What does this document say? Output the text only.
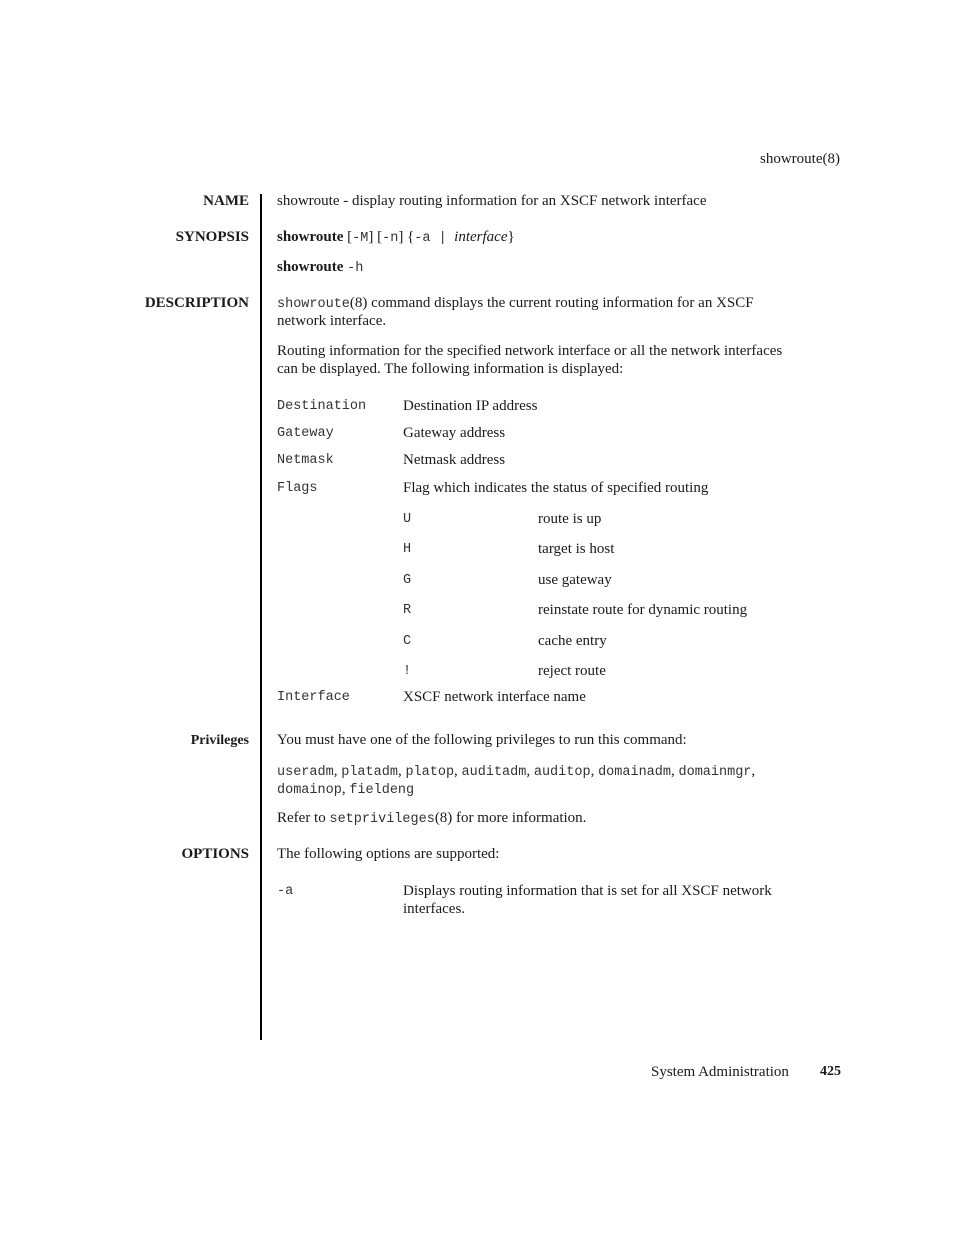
showroute(8)
NAME showroute - display routing information for an XSCF network interface
SYNOPSIS showroute [-M] [-n] {-a | interface}
showroute -h
DESCRIPTION showroute(8) command displays the current routing information for an XSCF
network interface.
Routing information for the specified network interface or all the network interfaces
can be displayed. The following information is displayed:
Destination Destination IP address
Gateway	Gateway address
Netmask	Netmask address
Flags	Flag which indicates the status of specified routing
U	route is up
H	target is host
G	use gateway
R	reinstate route for dynamic routing
C	cache entry
!	reject route
Interface	XSCF network interface name
Privileges You must have one of the following privileges to run this command:
useradm, platadm, platop, auditadm, auditop, domainadm, domainmgr,
domainop, fieldeng
Refer to setprivileges(8) for more information.
OPTIONS The following options are supported:
-a	Displays routing information that is set for all XSCF network
interfaces.
System Administration 425
